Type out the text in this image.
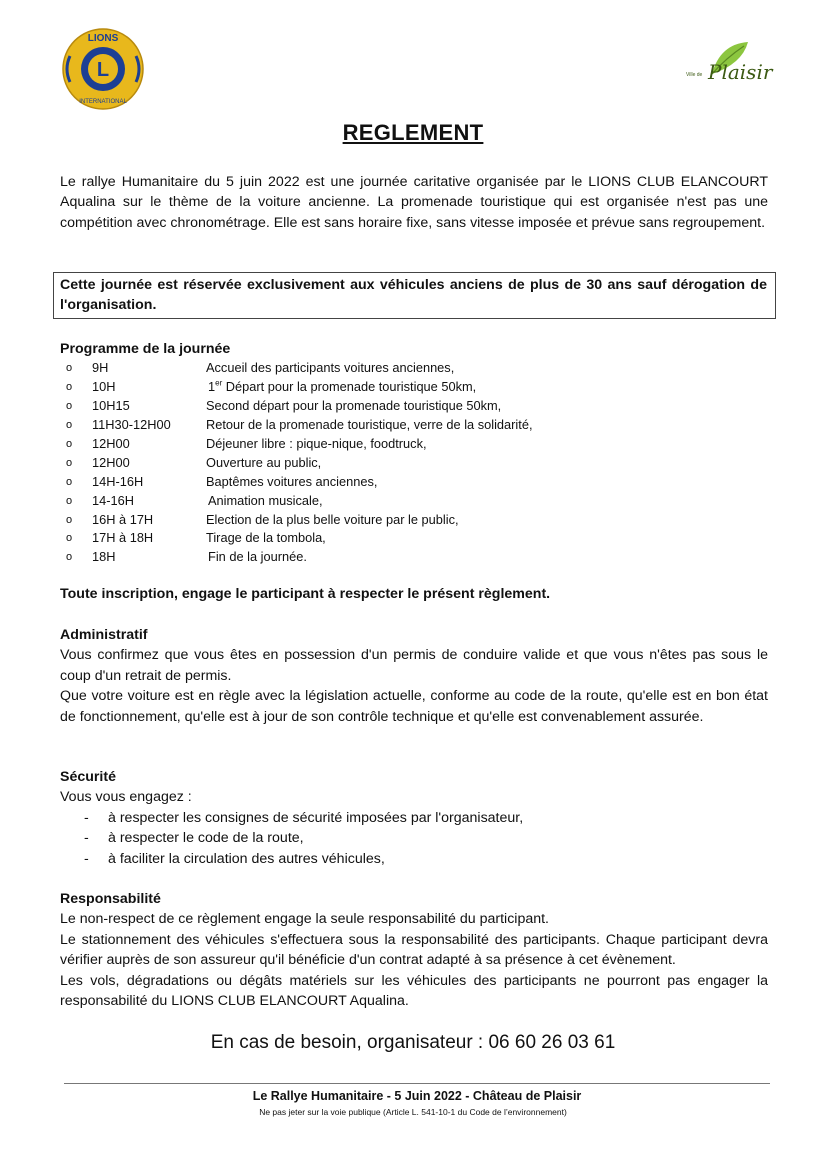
L
LIONS
INTERNATIONAL
Ville de Plaisir
REGLEMENT
Le rallye Humanitaire du 5 juin 2022 est une journée caritative organisée par le LIONS CLUB ELANCOURT Aqualina sur le thème de la voiture ancienne. La promenade touristique qui est organisée n'est pas une compétition avec chronométrage. Elle est sans horaire fixe, sans vitesse imposée et prévue sans regroupement.
Cette journée est réservée exclusivement aux véhicules anciens de plus de 30 ans sauf dérogation de l'organisation.
Programme de la journée
o 9H	Accueil des participants voitures anciennes,
o 10H	1er Départ pour la promenade touristique 50km,
o 10H15	Second départ pour la promenade touristique 50km,
o 11H30-12H00	Retour de la promenade touristique, verre de la solidarité,
o 12H00	Déjeuner libre : pique-nique, foodtruck,
o 12H00	Ouverture au public,
o 14H-16H	Baptêmes voitures anciennes,
o 14-16H	Animation musicale,
o 16H à 17H	Election de la plus belle voiture par le public,
o 17H à 18H	Tirage de la tombola,
o 18H	Fin de la journée.
Toute inscription, engage le participant à respecter le présent règlement.
Administratif
Vous confirmez que vous êtes en possession d'un permis de conduire valide et que vous n'êtes pas sous le coup d'un retrait de permis.
Que votre voiture est en règle avec la législation actuelle, conforme au code de la route, qu'elle est en bon état de fonctionnement, qu'elle est à jour de son contrôle technique et qu'elle est convenablement assurée.
Sécurité
Vous vous engagez :
- à respecter les consignes de sécurité imposées par l'organisateur,
- à respecter le code de la route,
- à faciliter la circulation des autres véhicules,
Responsabilité
Le non-respect de ce règlement engage la seule responsabilité du participant.
Le stationnement des véhicules s'effectuera sous la responsabilité des participants. Chaque participant devra vérifier auprès de son assureur qu'il bénéficie d'un contrat adapté à sa présence à cet évènement.
Les vols, dégradations ou dégâts matériels sur les véhicules des participants ne pourront pas engager la responsabilité du LIONS CLUB ELANCOURT Aqualina.
En cas de besoin, organisateur : 06 60 26 03 61
Le Rallye Humanitaire - 5 Juin 2022 - Château de Plaisir
Ne pas jeter sur la voie publique (Article L. 541-10-1 du Code de l’environnement)
